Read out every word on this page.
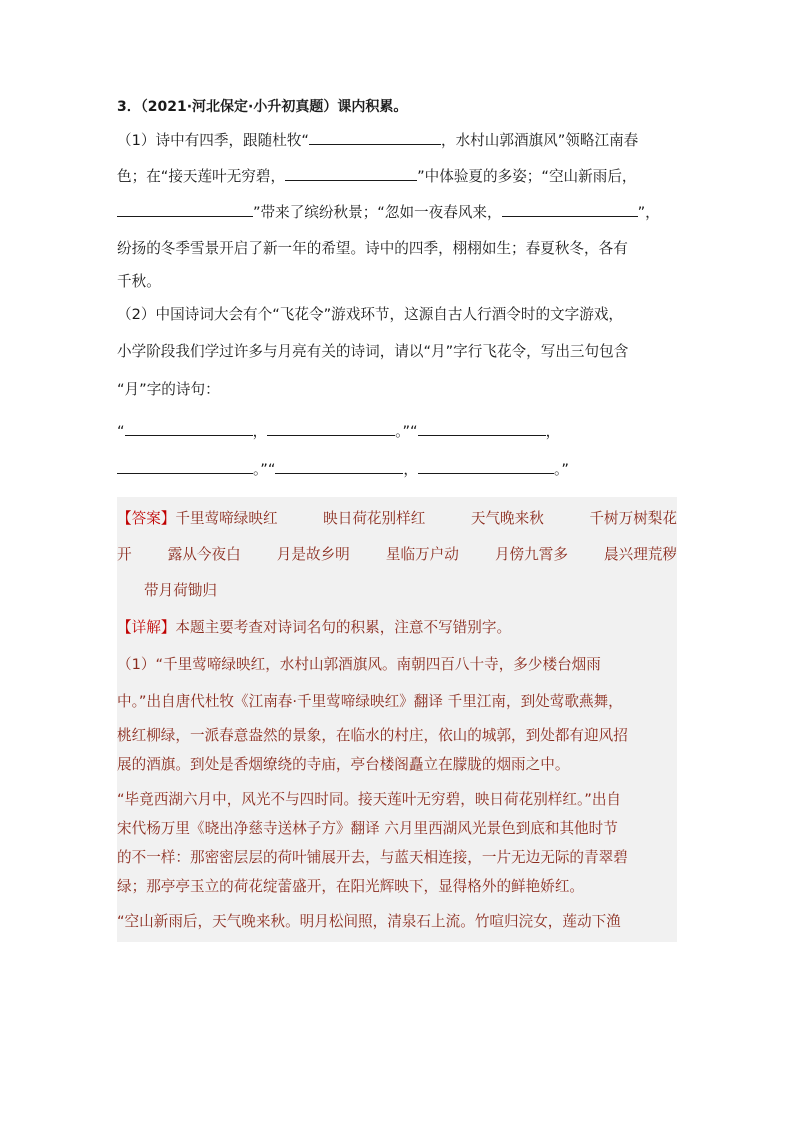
3．（2021·河北保定·小升初真题）课内积累。

（1）诗中有四季，跟随杜牧“	，水村山郭酒旗风”领略江南春

色；在“接天莲叶无穷碧，	”中体验夏的多姿；“空山新雨后，

”带来了缤纷秋景；“忽如一夜春风来，	”，

纷扬的冬季雪景开启了新一年的希望。诗中的四季，栩栩如生；春夏秋冬，各有

千秋。

（2）中国诗词大会有个“飞花令”游戏环节，这源自古人行酒令时的文字游戏，

小学阶段我们学过许多与月亮有关的诗词，请以“月”字行飞花令，写出三句包含

“月”字的诗句：

“	，	。”“	，

。”“	，	。”

【答案】千里莺啼绿映红	映日荷花别样红	天气晚来秋	千树万树梨花
开 露从今夜白 月是故乡明 星临万户动 月傍九霄多 晨兴理荒秽
带月荷锄归

【详解】本题主要考查对诗词名句的积累，注意不写错别字。

（1）“千里莺啼绿映红，水村山郭酒旗风。南朝四百八十寺，多少楼台烟雨

中。”出自唐代杜牧《江南春·千里莺啼绿映红》翻译 千里江南，到处莺歌燕舞，

桃红柳绿，一派春意盎然的景象，在临水的村庄，依山的城郭，到处都有迎风招

展的酒旗。到处是香烟缭绕的寺庙，亭台楼阁矗立在朦胧的烟雨之中。

“毕竟西湖六月中，风光不与四时同。接天莲叶无穷碧，映日荷花别样红。”出自

宋代杨万里《晓出净慈寺送林子方》翻译 六月里西湖风光景色到底和其他时节

的不一样：那密密层层的荷叶铺展开去，与蓝天相连接，一片无边无际的青翠碧

绿；那亭亭玉立的荷花绽蕾盛开，在阳光辉映下，显得格外的鲜艳娇红。

“空山新雨后，天气晚来秋。明月松间照，清泉石上流。竹喧归浣女，莲动下渔
